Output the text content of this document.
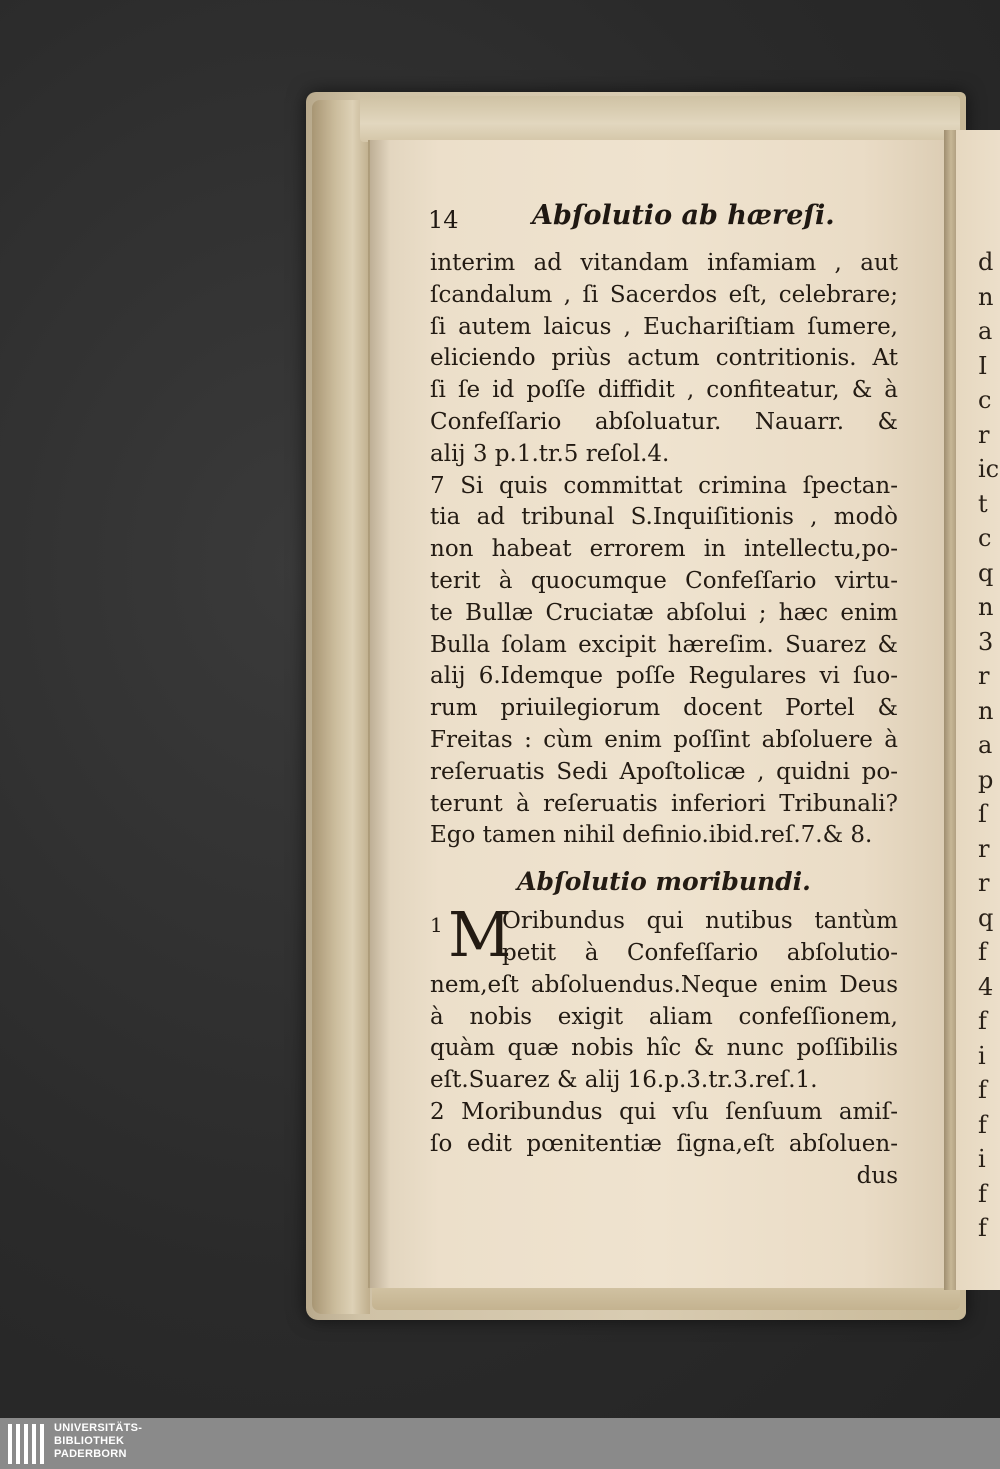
d
n
a
I
c
r
ic
t
c
q
n
3
r
n
a
p
ſ
r
r
q
f
4
f
i
f
f
i
f
f
14	Abſolutio ab hæreſi.
interim ad vitandam infamiam , aut
ſcandalum , ſi Sacerdos eſt, celebrare;
ſi autem laicus , Euchariſtiam ſumere,
eliciendo priùs actum contritionis. At
ſi ſe id poſſe diffidit , confiteatur, & à
Confeſſario abſoluatur. Nauarr. &
alij 3 p.1.tr.5 reſol.4.
7 Si quis committat crimina ſpectan-
tia ad tribunal S.Inquiſitionis , modò
non habeat errorem in intellectu,po-
terit à quocumque Confeſſario virtu-
te Bullæ Cruciatæ abſolui ; hæc enim
Bulla ſolam excipit hæreſim. Suarez &
alij 6.Idemque poſſe Regulares vi ſuo-
rum priuilegiorum docent Portel &
Freitas : cùm enim poſſint abſoluere à
reſeruatis Sedi Apoſtolicæ , quidni po-
terunt à reſeruatis inferiori Tribunali?
Ego tamen nihil definio.ibid.reſ.7.& 8.
Abſolutio moribundi.
1 M
Oribundus qui nutibus tantùm
petit à Confeſſario abſolutio-
nem,eſt abſoluendus.Neque enim Deus
à nobis exigit aliam confeſſionem,
quàm quæ nobis hîc & nunc poſſibilis
eſt.Suarez & alij 16.p.3.tr.3.reſ.1.
2 Moribundus qui vſu ſenſuum amiſ-
ſo edit pœnitentiæ ſigna,eſt abſoluen-
dus
UNIVERSITÄTS-
BIBLIOTHEK
PADERBORN
